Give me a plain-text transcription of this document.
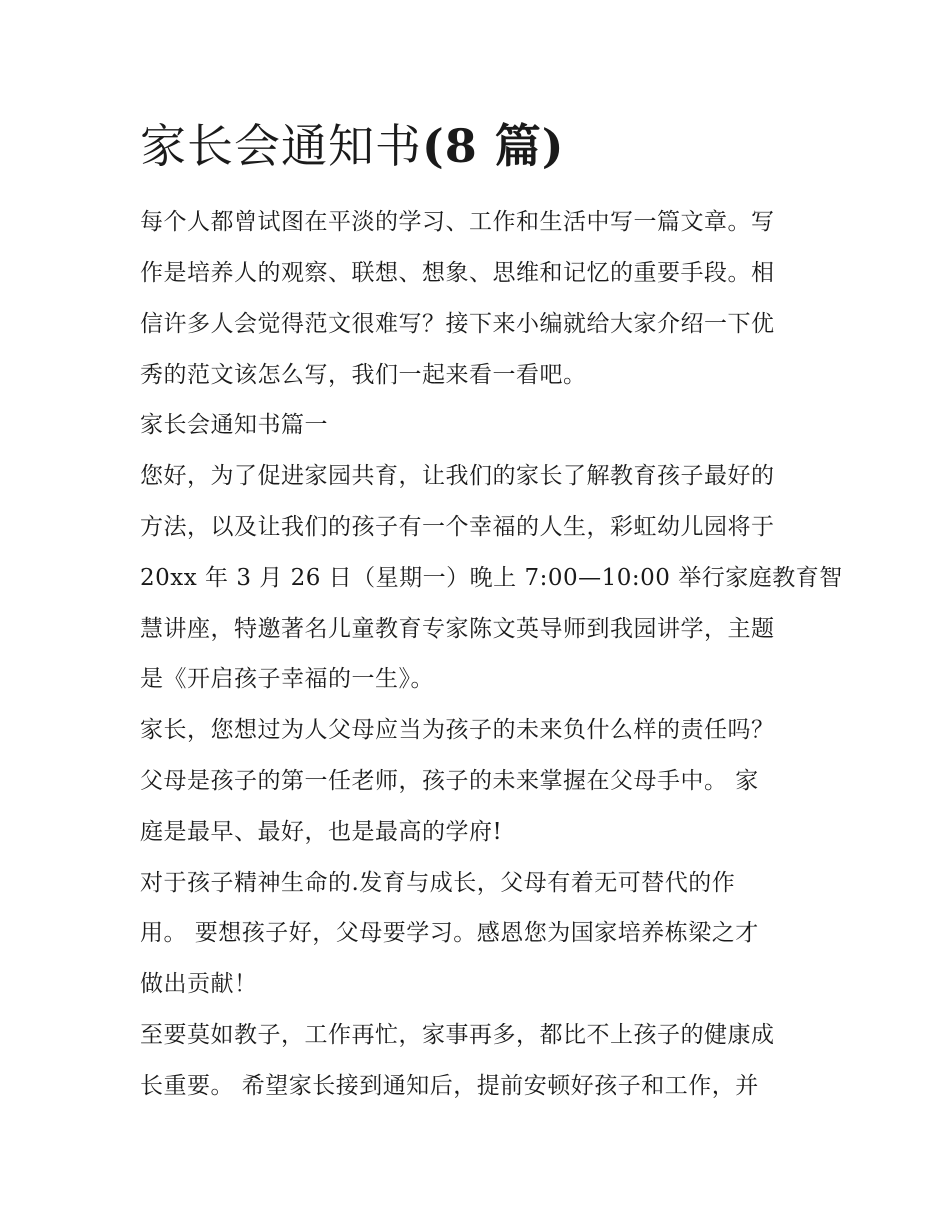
家长会通知书(8 篇)

每个人都曾试图在平淡的学习、工作和生活中写一篇文章。写

作是培养人的观察、联想、想象、思维和记忆的重要手段。相

信许多人会觉得范文很难写？接下来小编就给大家介绍一下优

秀的范文该怎么写，我们一起来看一看吧。

家长会通知书篇一

您好，为了促进家园共育，让我们的家长了解教育孩子最好的

方法，以及让我们的孩子有一个幸福的人生，彩虹幼儿园将于

20xx 年 3 月 26 日（星期一）晚上 7:00—10:00 举行家庭教育智

慧讲座，特邀著名儿童教育专家陈文英导师到我园讲学，主题

是《开启孩子幸福的一生》。

家长，您想过为人父母应当为孩子的未来负什么样的责任吗？

父母是孩子的第一任老师，孩子的未来掌握在父母手中。 家

庭是最早、最好，也是最高的学府!

对于孩子精神生命的.发育与成长，父母有着无可替代的作

用。 要想孩子好，父母要学习。感恩您为国家培养栋梁之才

做出贡献！

至要莫如教子，工作再忙，家事再多，都比不上孩子的健康成

长重要。 希望家长接到通知后，提前安顿好孩子和工作，并
